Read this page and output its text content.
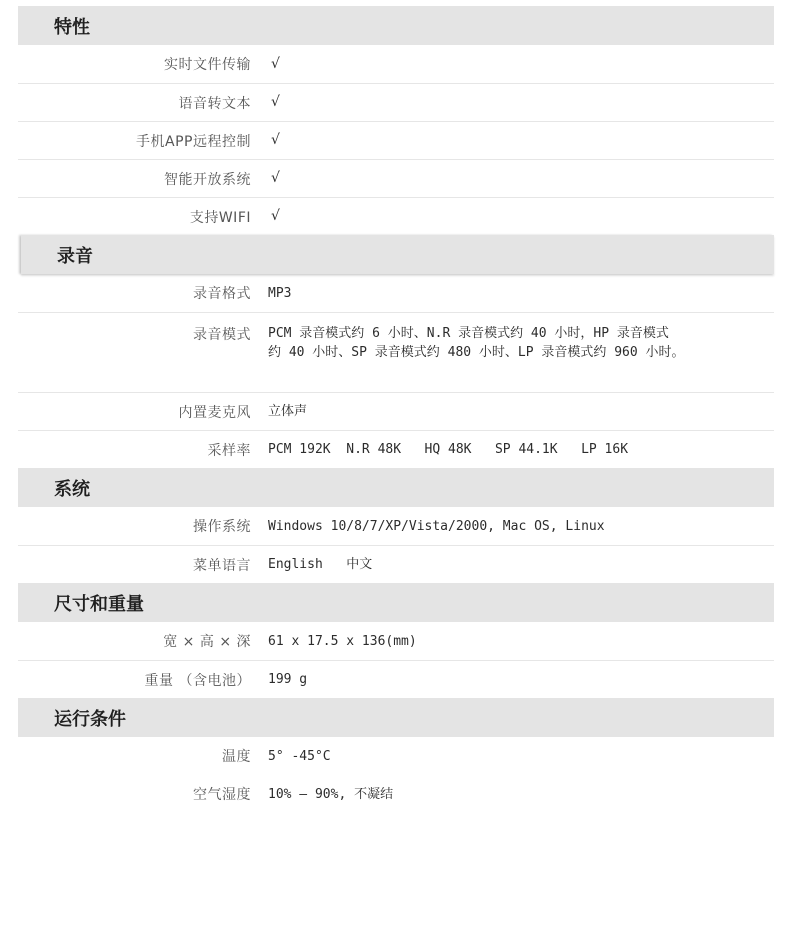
特性
实时文件传输 √
语音转文本 √
手机APP远程控制 √
智能开放系统 √
支持WIFI √
录音
录音格式 MP3
录音模式 PCM 录音模式约 6 小时、N.R 录音模式约 40 小时，HP 录音模式
约 40 小时、SP 录音模式约 480 小时、LP 录音模式约 960 小时。
内置麦克风 立体声
采样率 PCM 192K  N.R 48K   HQ 48K   SP 44.1K   LP 16K
系统
操作系统 Windows 10/8/7/XP/Vista/2000, Mac OS, Linux
菜单语言 English   中文
尺寸和重量
宽 × 高 × 深 61 x 17.5 x 136(mm)
重量 （含电池） 199 g
运行条件
温度 5° -45°C
空气湿度 10% — 90%, 不凝结
